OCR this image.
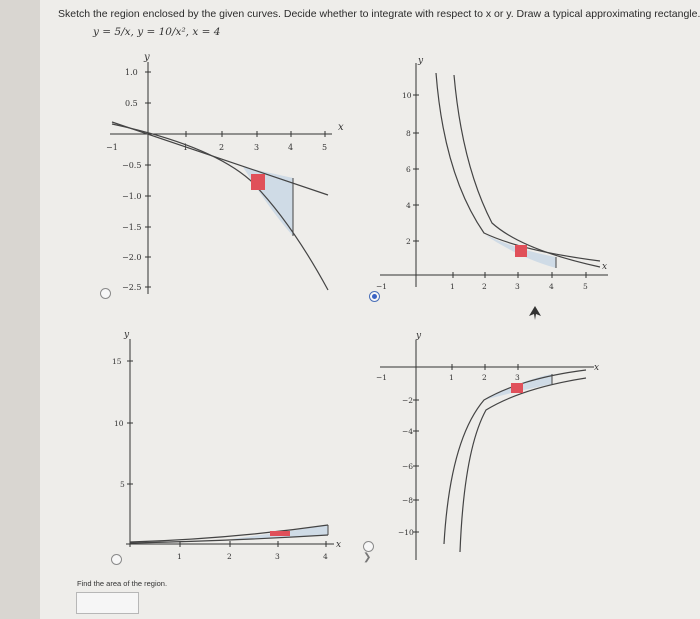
Sketch the region enclosed by the given curves. Decide whether to integrate with respect to x or y. Draw a typical approximating rectangle.
y = 5/x, y = 10/x², x = 4
y
x
1.0
0.5
−0.5
−1.0
−1.5
−2.0
−2.5
−1	1	2	3	4	5
y
x
10
8
6
4
2
−1	1	2	3	4	5
y
x
15
10
5
1	2	3	4
y
x
−2
−4
−6
−8
−10
−1	1	2	3
❯
Find the area of the region.
